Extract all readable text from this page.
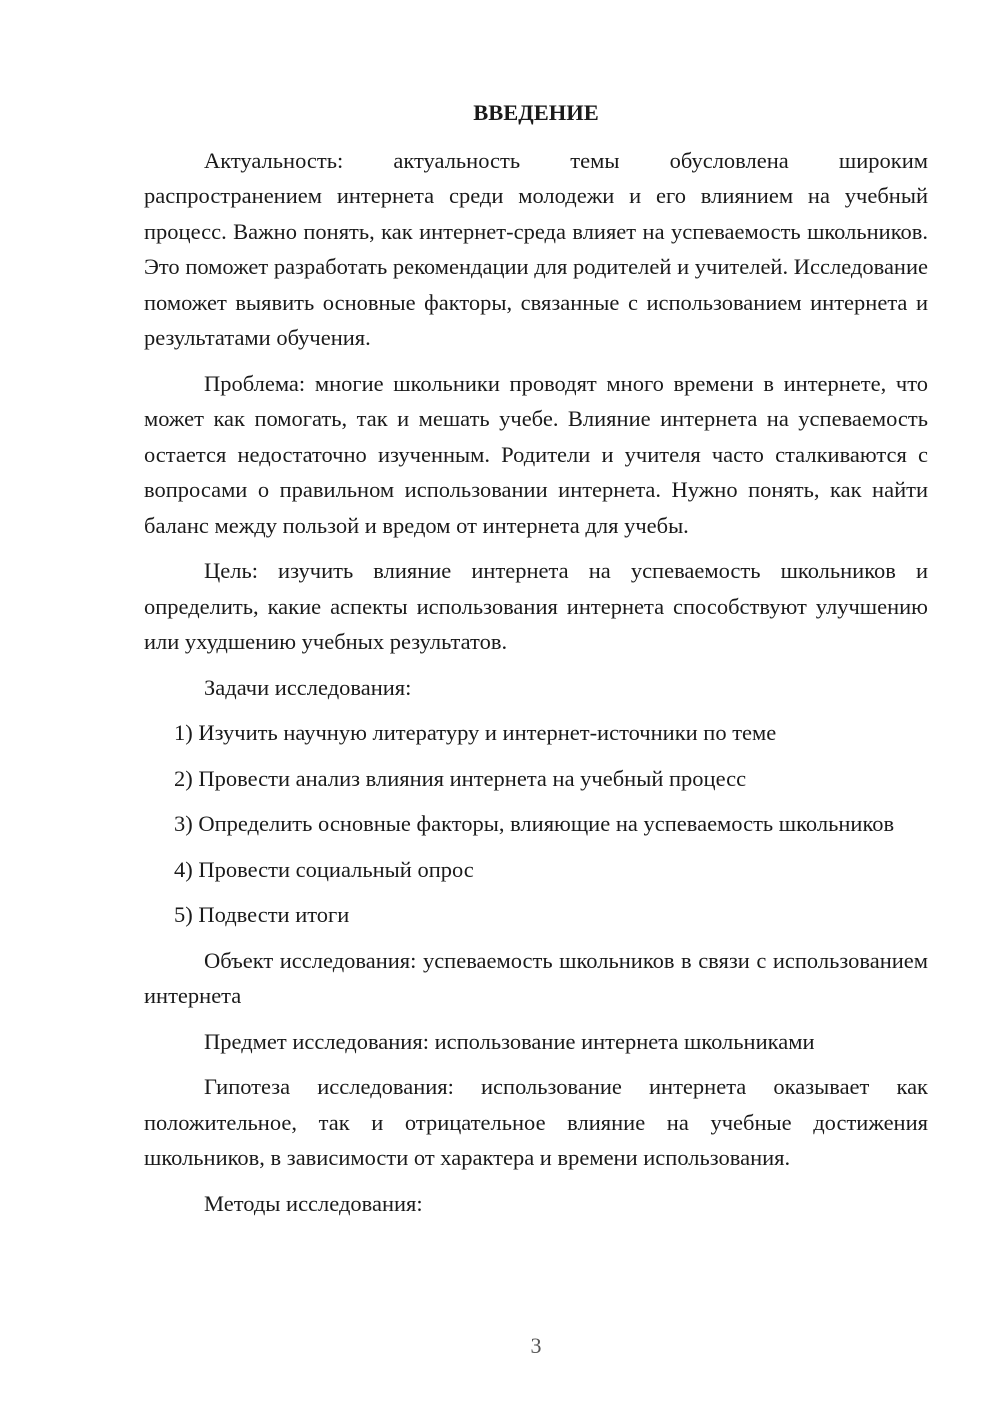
ВВЕДЕНИЕ

Актуальность: актуальность темы обусловлена широким распространением интернета среди молодежи и его влиянием на учебный процесс. Важно понять, как интернет-среда влияет на успеваемость школьников. Это поможет разработать рекомендации для родителей и учителей. Исследование поможет выявить основные факторы, связанные с использованием интернета и результатами обучения.

Проблема: многие школьники проводят много времени в интернете, что может как помогать, так и мешать учебе. Влияние интернета на успеваемость остается недостаточно изученным. Родители и учителя часто сталкиваются с вопросами о правильном использовании интернета. Нужно понять, как найти баланс между пользой и вредом от интернета для учебы.

Цель: изучить влияние интернета на успеваемость школьников и определить, какие аспекты использования интернета способствуют улучшению или ухудшению учебных результатов.

Задачи исследования:

1) Изучить научную литературу и интернет-источники по теме
2) Провести анализ влияния интернета на учебный процесс
3) Определить основные факторы, влияющие на успеваемость школьников
4) Провести социальный опрос
5) Подвести итоги

Объект исследования: успеваемость школьников в связи с использованием интернета

Предмет исследования: использование интернета школьниками

Гипотеза исследования: использование интернета оказывает как положительное, так и отрицательное влияние на учебные достижения школьников, в зависимости от характера и времени использования.

Методы исследования:

3
